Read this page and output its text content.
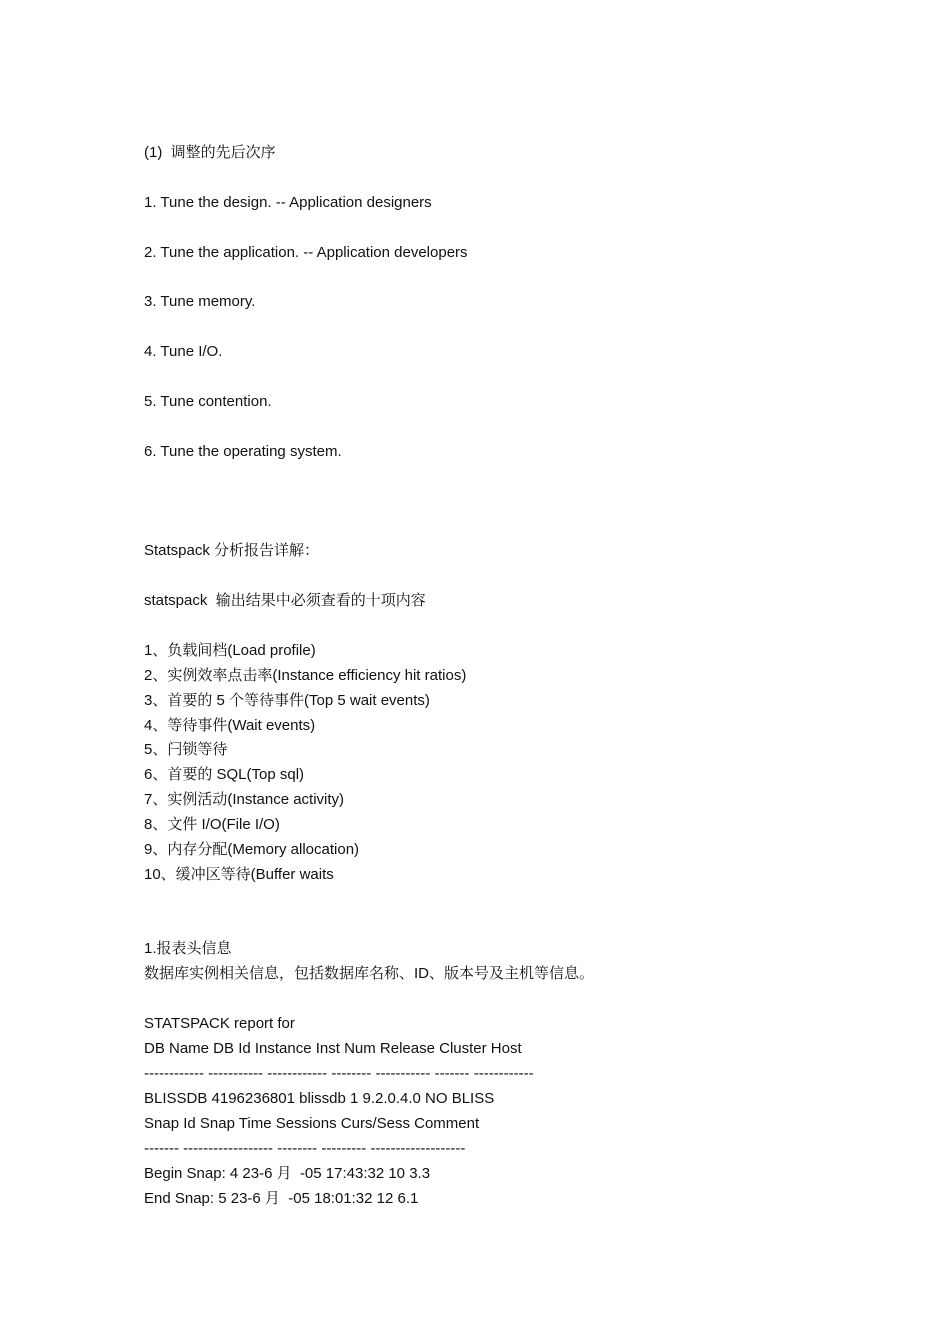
(1)  调整的先后次序
1. Tune the design. -- Application designers
2. Tune the application. -- Application developers
3. Tune memory.
4. Tune I/O.
5. Tune contention.
6. Tune the operating system.
Statspack 分析报告详解：
statspack  输出结果中必须查看的十项内容
1、负载间档(Load profile)
2、实例效率点击率(Instance efficiency hit ratios)
3、首要的 5 个等待事件(Top 5 wait events)
4、等待事件(Wait events)
5、闩锁等待
6、首要的 SQL(Top sql)
7、实例活动(Instance activity)
8、文件 I/O(File I/O)
9、内存分配(Memory allocation)
10、缓冲区等待(Buffer waits
1.报表头信息
数据库实例相关信息，包括数据库名称、ID、版本号及主机等信息。
STATSPACK report for
DB Name DB Id Instance Inst Num Release Cluster Host
------------ ----------- ------------ -------- ----------- ------- ------------
BLISSDB 4196236801 blissdb 1 9.2.0.4.0 NO BLISS
Snap Id Snap Time Sessions Curs/Sess Comment
------- ------------------ -------- --------- -------------------
Begin Snap: 4 23-6 月  -05 17:43:32 10 3.3
End Snap: 5 23-6 月  -05 18:01:32 12 6.1
